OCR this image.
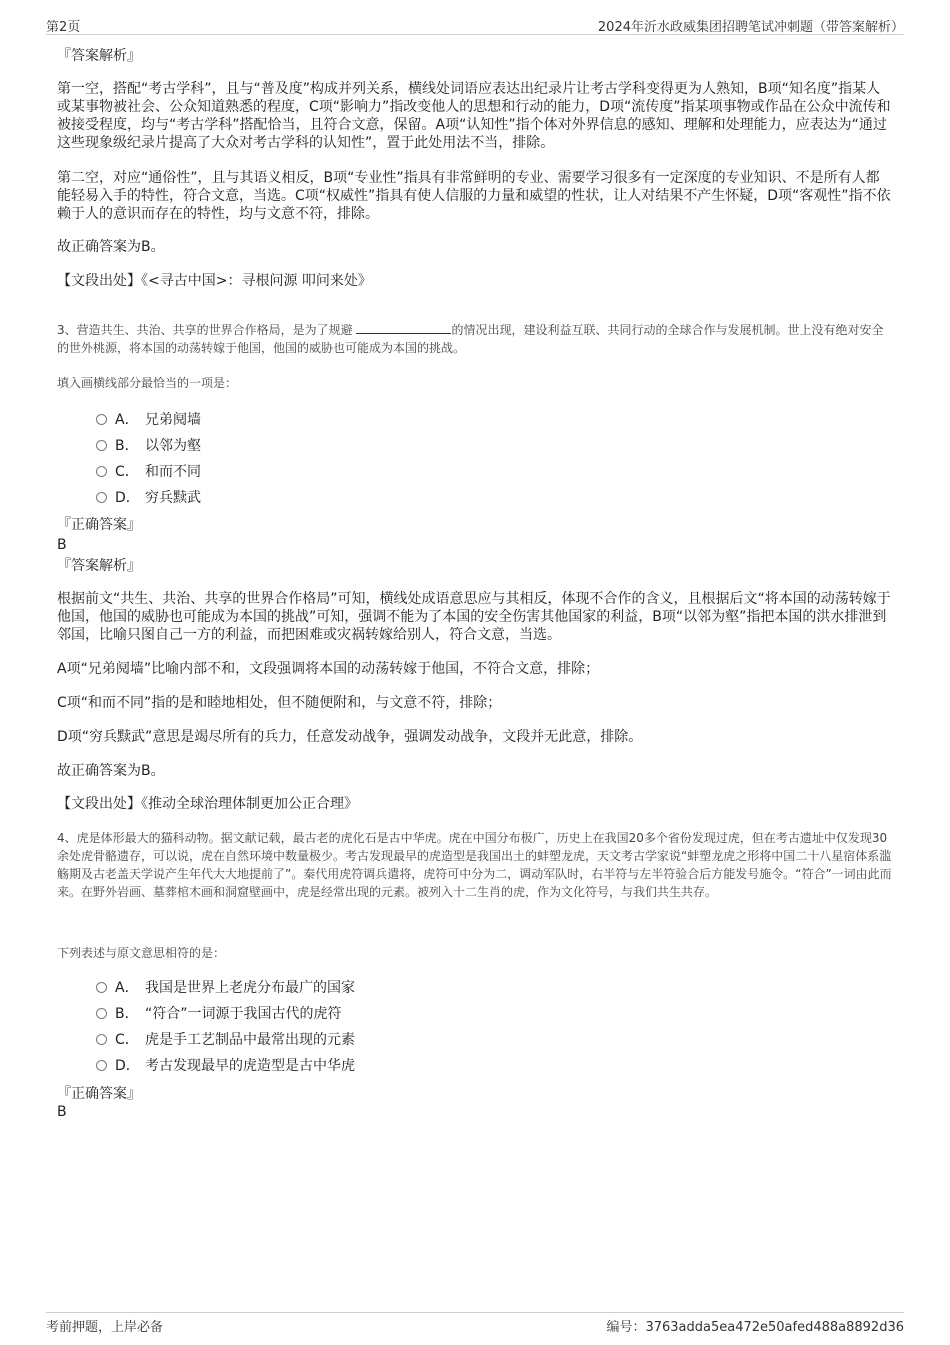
第2页	2024年沂水政威集团招聘笔试冲刺题（带答案解析）
『答案解析』

第一空，搭配“考古学科”，且与“普及度”构成并列关系，横线处词语应表达出纪录片让考古学科变得更为人熟知，B项“知名度”指某人或某事物被社会、公众知道熟悉的程度，C项“影响力”指改变他人的思想和行动的能力，D项“流传度”指某项事物或作品在公众中流传和被接受程度，均与“考古学科”搭配恰当，且符合文意，保留。A项“认知性”指个体对外界信息的感知、理解和处理能力，应表达为“通过这些现象级纪录片提高了大众对考古学科的认知性”，置于此处用法不当，排除。

第二空，对应“通俗性”，且与其语义相反，B项“专业性”指具有非常鲜明的专业、需要学习很多有一定深度的专业知识、不是所有人都能轻易入手的特性，符合文意，当选。C项“权威性”指具有使人信服的力量和威望的性状，让人对结果不产生怀疑，D项“客观性”指不依赖于人的意识而存在的特性，均与文意不符，排除。

故正确答案为B。
【文段出处】《<寻古中国>：寻根问源 叩问来处》

3、营造共生、共治、共享的世界合作格局，是为了规避	的情况出现，建设利益互联、共同行动的全球合作与发展机制。世上没有绝对安全的世外桃源，将本国的动荡转嫁于他国，他国的威胁也可能成为本国的挑战。

填入画横线部分最恰当的一项是：
A． 兄弟阋墙
B． 以邻为壑
C． 和而不同
D． 穷兵黩武
『正确答案』
B
『答案解析』

根据前文“共生、共治、共享的世界合作格局”可知，横线处成语意思应与其相反，体现不合作的含义，且根据后文“将本国的动荡转嫁于他国，他国的威胁也可能成为本国的挑战”可知，强调不能为了本国的安全伤害其他国家的利益，B项“以邻为壑”指把本国的洪水排泄到邻国，比喻只图自己一方的利益，而把困难或灾祸转嫁给别人，符合文意，当选。

A项“兄弟阋墙”比喻内部不和，文段强调将本国的动荡转嫁于他国，不符合文意，排除；

C项“和而不同”指的是和睦地相处，但不随便附和，与文意不符，排除；

D项“穷兵黩武”意思是竭尽所有的兵力，任意发动战争，强调发动战争，文段并无此意，排除。

故正确答案为B。
【文段出处】《推动全球治理体制更加公正合理》

4、虎是体形最大的猫科动物。据文献记载，最古老的虎化石是古中华虎。虎在中国分布极广，历史上在我国20多个省份发现过虎，但在考古遗址中仅发现30余处虎骨骼遗存，可以说，虎在自然环境中数量极少。考古发现最早的虎造型是我国出土的蚌塑龙虎，天文考古学家说“蚌塑龙虎之形将中国二十八星宿体系滥觞期及古老盖天学说产生年代大大地提前了”。秦代用虎符调兵遣将，虎符可中分为二，调动军队时，右半符与左半符验合后方能发号施令。“符合”一词由此而来。在野外岩画、墓葬棺木画和洞窟壁画中，虎是经常出现的元素。被列入十二生肖的虎，作为文化符号，与我们共生共存。

下列表述与原文意思相符的是：
A． 我国是世界上老虎分布最广的国家
B． “符合”一词源于我国古代的虎符
C． 虎是手工艺制品中最常出现的元素
D． 考古发现最早的虎造型是古中华虎
『正确答案』
B
考前押题，上岸必备	编号：3763adda5ea472e50afed488a8892d36
